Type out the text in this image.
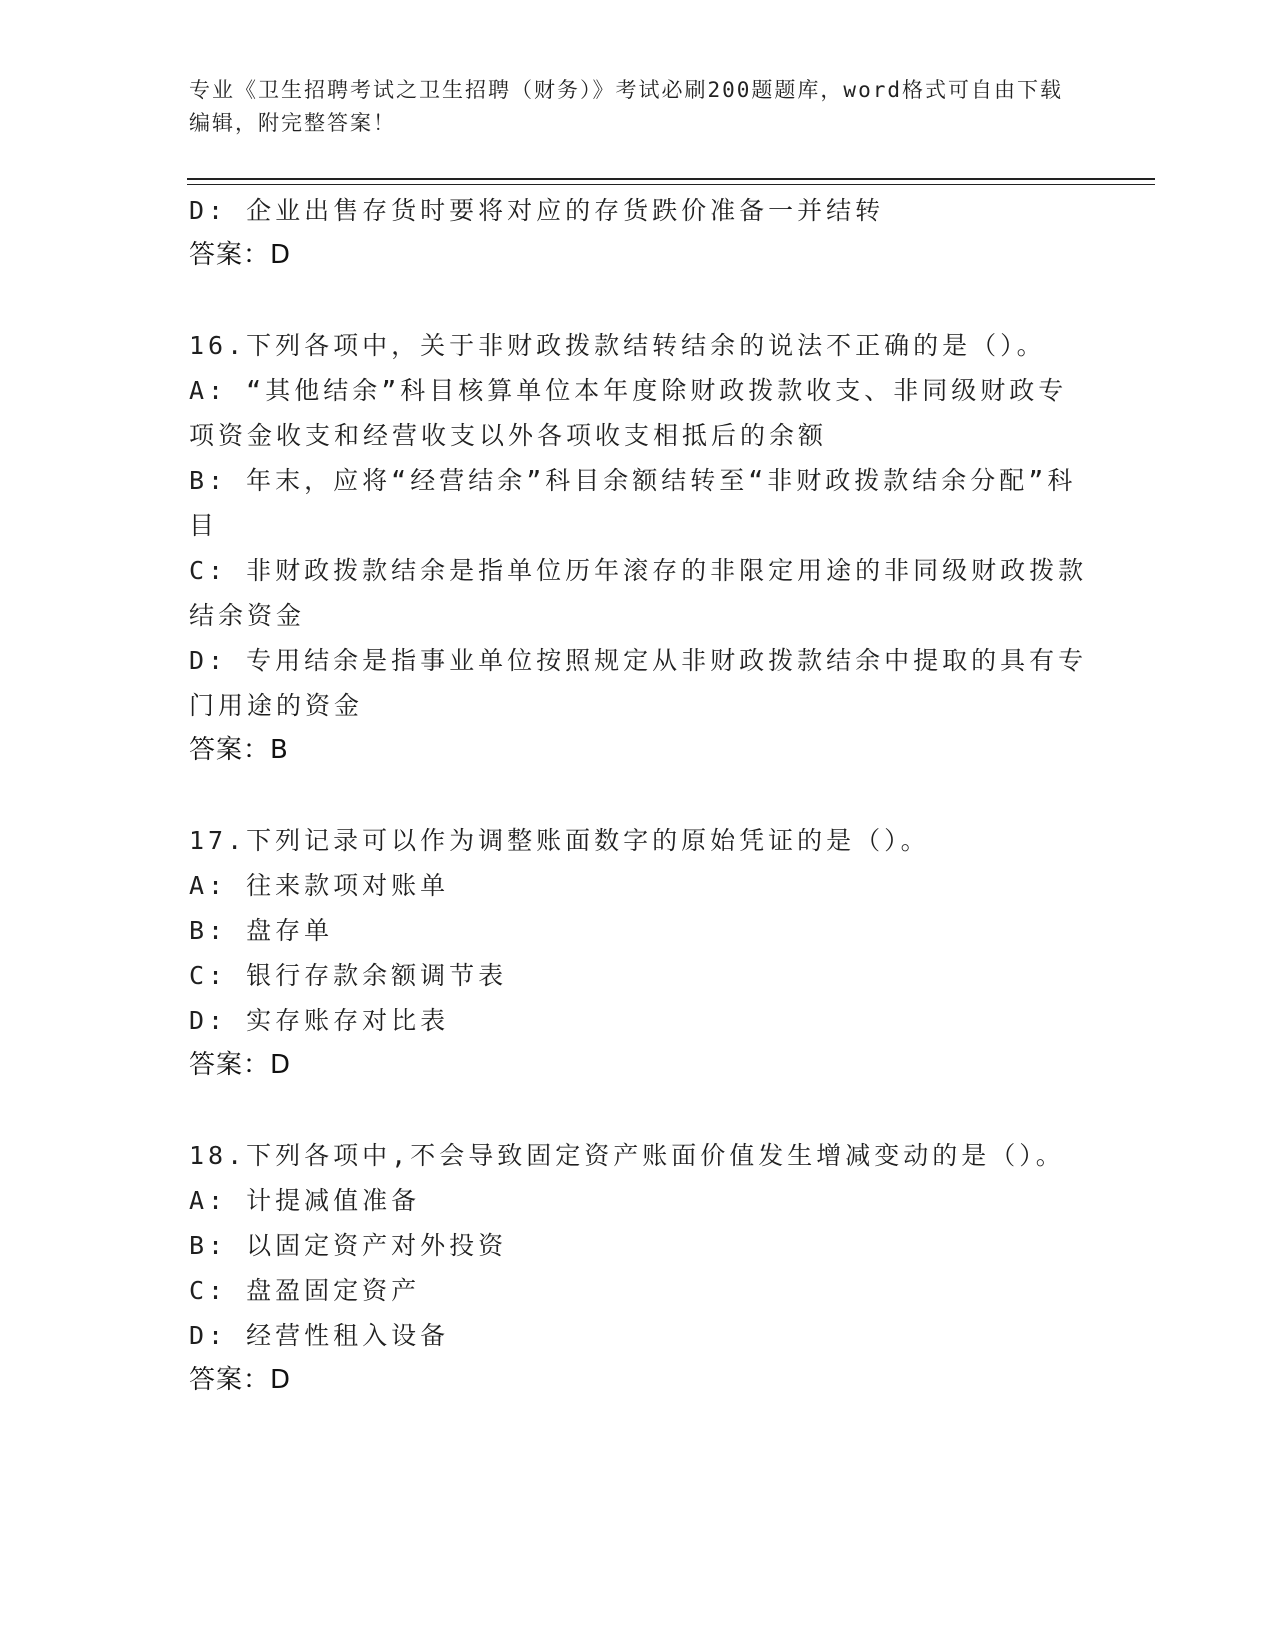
专业《卫生招聘考试之卫生招聘（财务）》考试必刷200题题库，word格式可自由下载编辑，附完整答案！
D: 企业出售存货时要将对应的存货跌价准备一并结转
答案：D
16.下列各项中，关于非财政拨款结转结余的说法不正确的是（）。
A: “其他结余”科目核算单位本年度除财政拨款收支、非同级财政专项资金收支和经营收支以外各项收支相抵后的余额
B: 年末，应将“经营结余”科目余额结转至“非财政拨款结余分配”科目
C: 非财政拨款结余是指单位历年滚存的非限定用途的非同级财政拨款结余资金
D: 专用结余是指事业单位按照规定从非财政拨款结余中提取的具有专门用途的资金
答案：B
17.下列记录可以作为调整账面数字的原始凭证的是（）。
A: 往来款项对账单
B: 盘存单
C: 银行存款余额调节表
D: 实存账存对比表
答案：D
18.下列各项中,不会导致固定资产账面价值发生增减变动的是（）。
A: 计提减值准备
B: 以固定资产对外投资
C: 盘盈固定资产
D: 经营性租入设备
答案：D
